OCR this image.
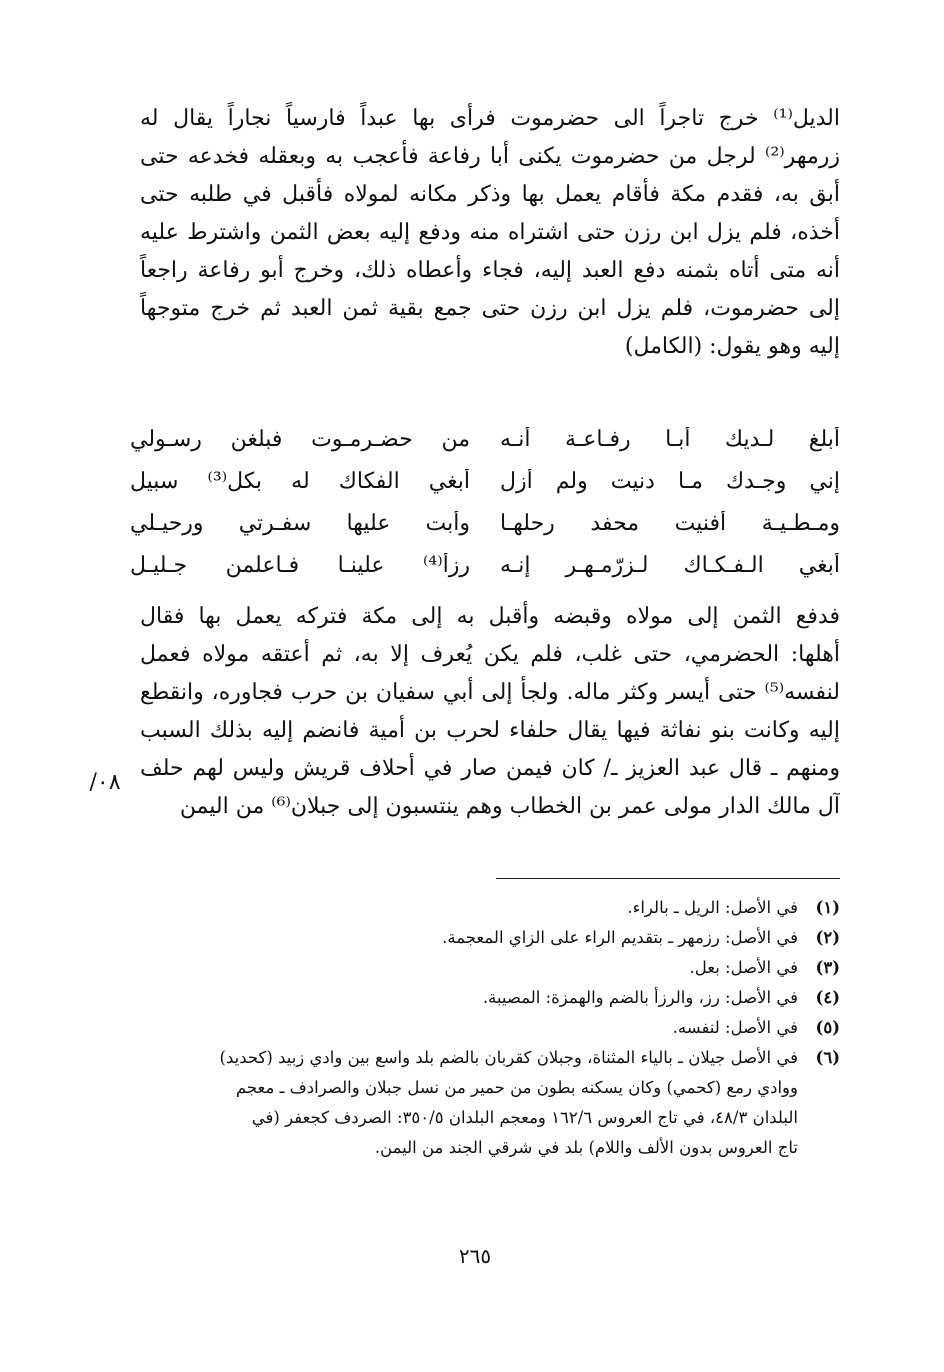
الديل⁽¹⁾ خرج تاجراً الى حضرموت فرأى بها عبداً فارسياً نجاراً يقال له
زرمهر⁽²⁾ لرجل من حضرموت يكنى أبا رفاعة فأعجب به وبعقله فخدعه حتى
أبق به، فقدم مكة فأقام يعمل بها وذكر مكانه لمولاه فأقبل في طلبه حتى
أخذه، فلم يزل ابن رزن حتى اشتراه منه ودفع إليه بعض الثمن واشترط عليه
أنه متى أتاه بثمنه دفع العبد إليه، فجاء وأعطاه ذلك، وخرج أبو رفاعة راجعاً
إلى حضرموت، فلم يزل ابن رزن حتى جمع بقية ثمن العبد ثم خرج متوجهاً
إليه وهو يقول: (الكامل)
أبلغ لـديك أبـا رفـاعـة أنـه
من حضـرمـوت فبلغن رسـولي
إني وجـدك مـا دنيت ولم أزل
أبغي الفكاك له بكل⁽³⁾ سبيل
ومـطـيـة أفنيت محفد رحلهـا
وأبت عليها سفـرتي ورحيـلي
أبغي الـفـكـاك لـزرّمـهـر إنـه
رزأ⁽⁴⁾ علينـا فـاعلمن جـليـل
فدفع الثمن إلى مولاه وقبضه وأقبل به إلى مكة فتركه يعمل بها فقال
أهلها: الحضرمي، حتى غلب، فلم يكن يُعرف إلا به، ثم أعتقه مولاه فعمل
لنفسه⁽⁵⁾ حتى أيسر وكثر ماله. ولجأ إلى أبي سفيان بن حرب فجاوره، وانقطع
إليه وكانت بنو نفاثة فيها يقال حلفاء لحرب بن أمية فانضم إليه بذلك السبب
ومنهم ـ قال عبد العزيز ـ/ كان فيمن صار في أحلاف قريش وليس لهم حلف
آل مالك الدار مولى عمر بن الخطاب وهم ينتسبون إلى جبلان⁽⁶⁾ من اليمن
٠٨/
(١)
في الأصل: الريل ـ بالراء.
(٢)
في الأصل: رزمهر ـ بتقديم الراء على الزاي المعجمة.
(٣)
في الأصل: بعل.
(٤)
في الأصل: رز، والرزأ بالضم والهمزة: المصيبة.
(٥)
في الأصل: لنفسه.
(٦)
في الأصل جيلان ـ بالياء المثناة، وجبلان كقربان بالضم بلد واسع بين وادي زبيد (كحديد)
ووادي رمع (كحمي) وكان يسكنه بطون من حمير من نسل جبلان والصرادف ـ معجم
البلدان ٤٨/٣، في تاج العروس ١٦٢/٦ ومعجم البلدان ٣٥٠/٥: الصردف كجعفر (في
تاج العروس بدون الألف واللام) بلد في شرقي الجند من اليمن.
٢٦٥
